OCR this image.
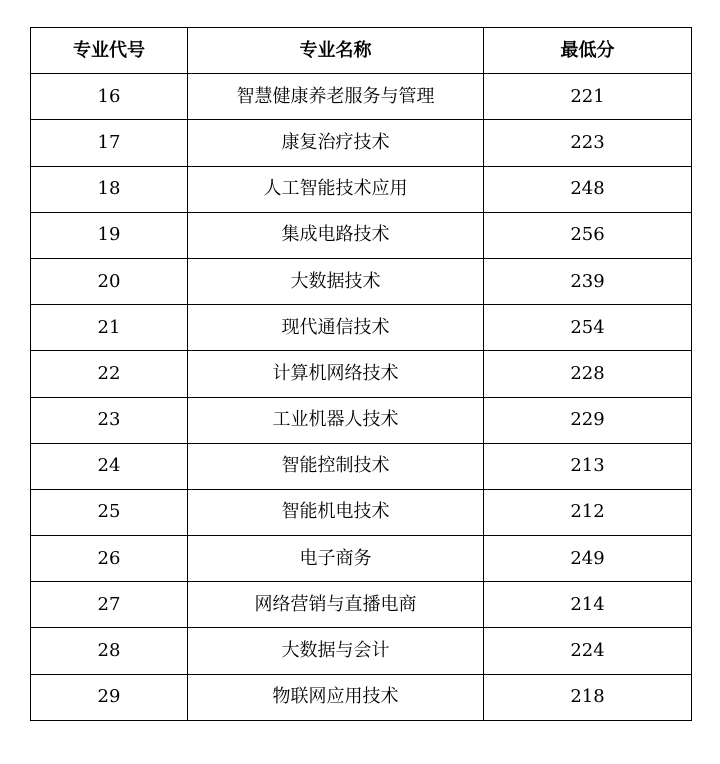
专业代号	专业名称	最低分
16	智慧健康养老服务与管理	221
17	康复治疗技术	223
18	人工智能技术应用	248
19	集成电路技术	256
20	大数据技术	239
21	现代通信技术	254
22	计算机网络技术	228
23	工业机器人技术	229
24	智能控制技术	213
25	智能机电技术	212
26	电子商务	249
27	网络营销与直播电商	214
28	大数据与会计	224
29	物联网应用技术	218
